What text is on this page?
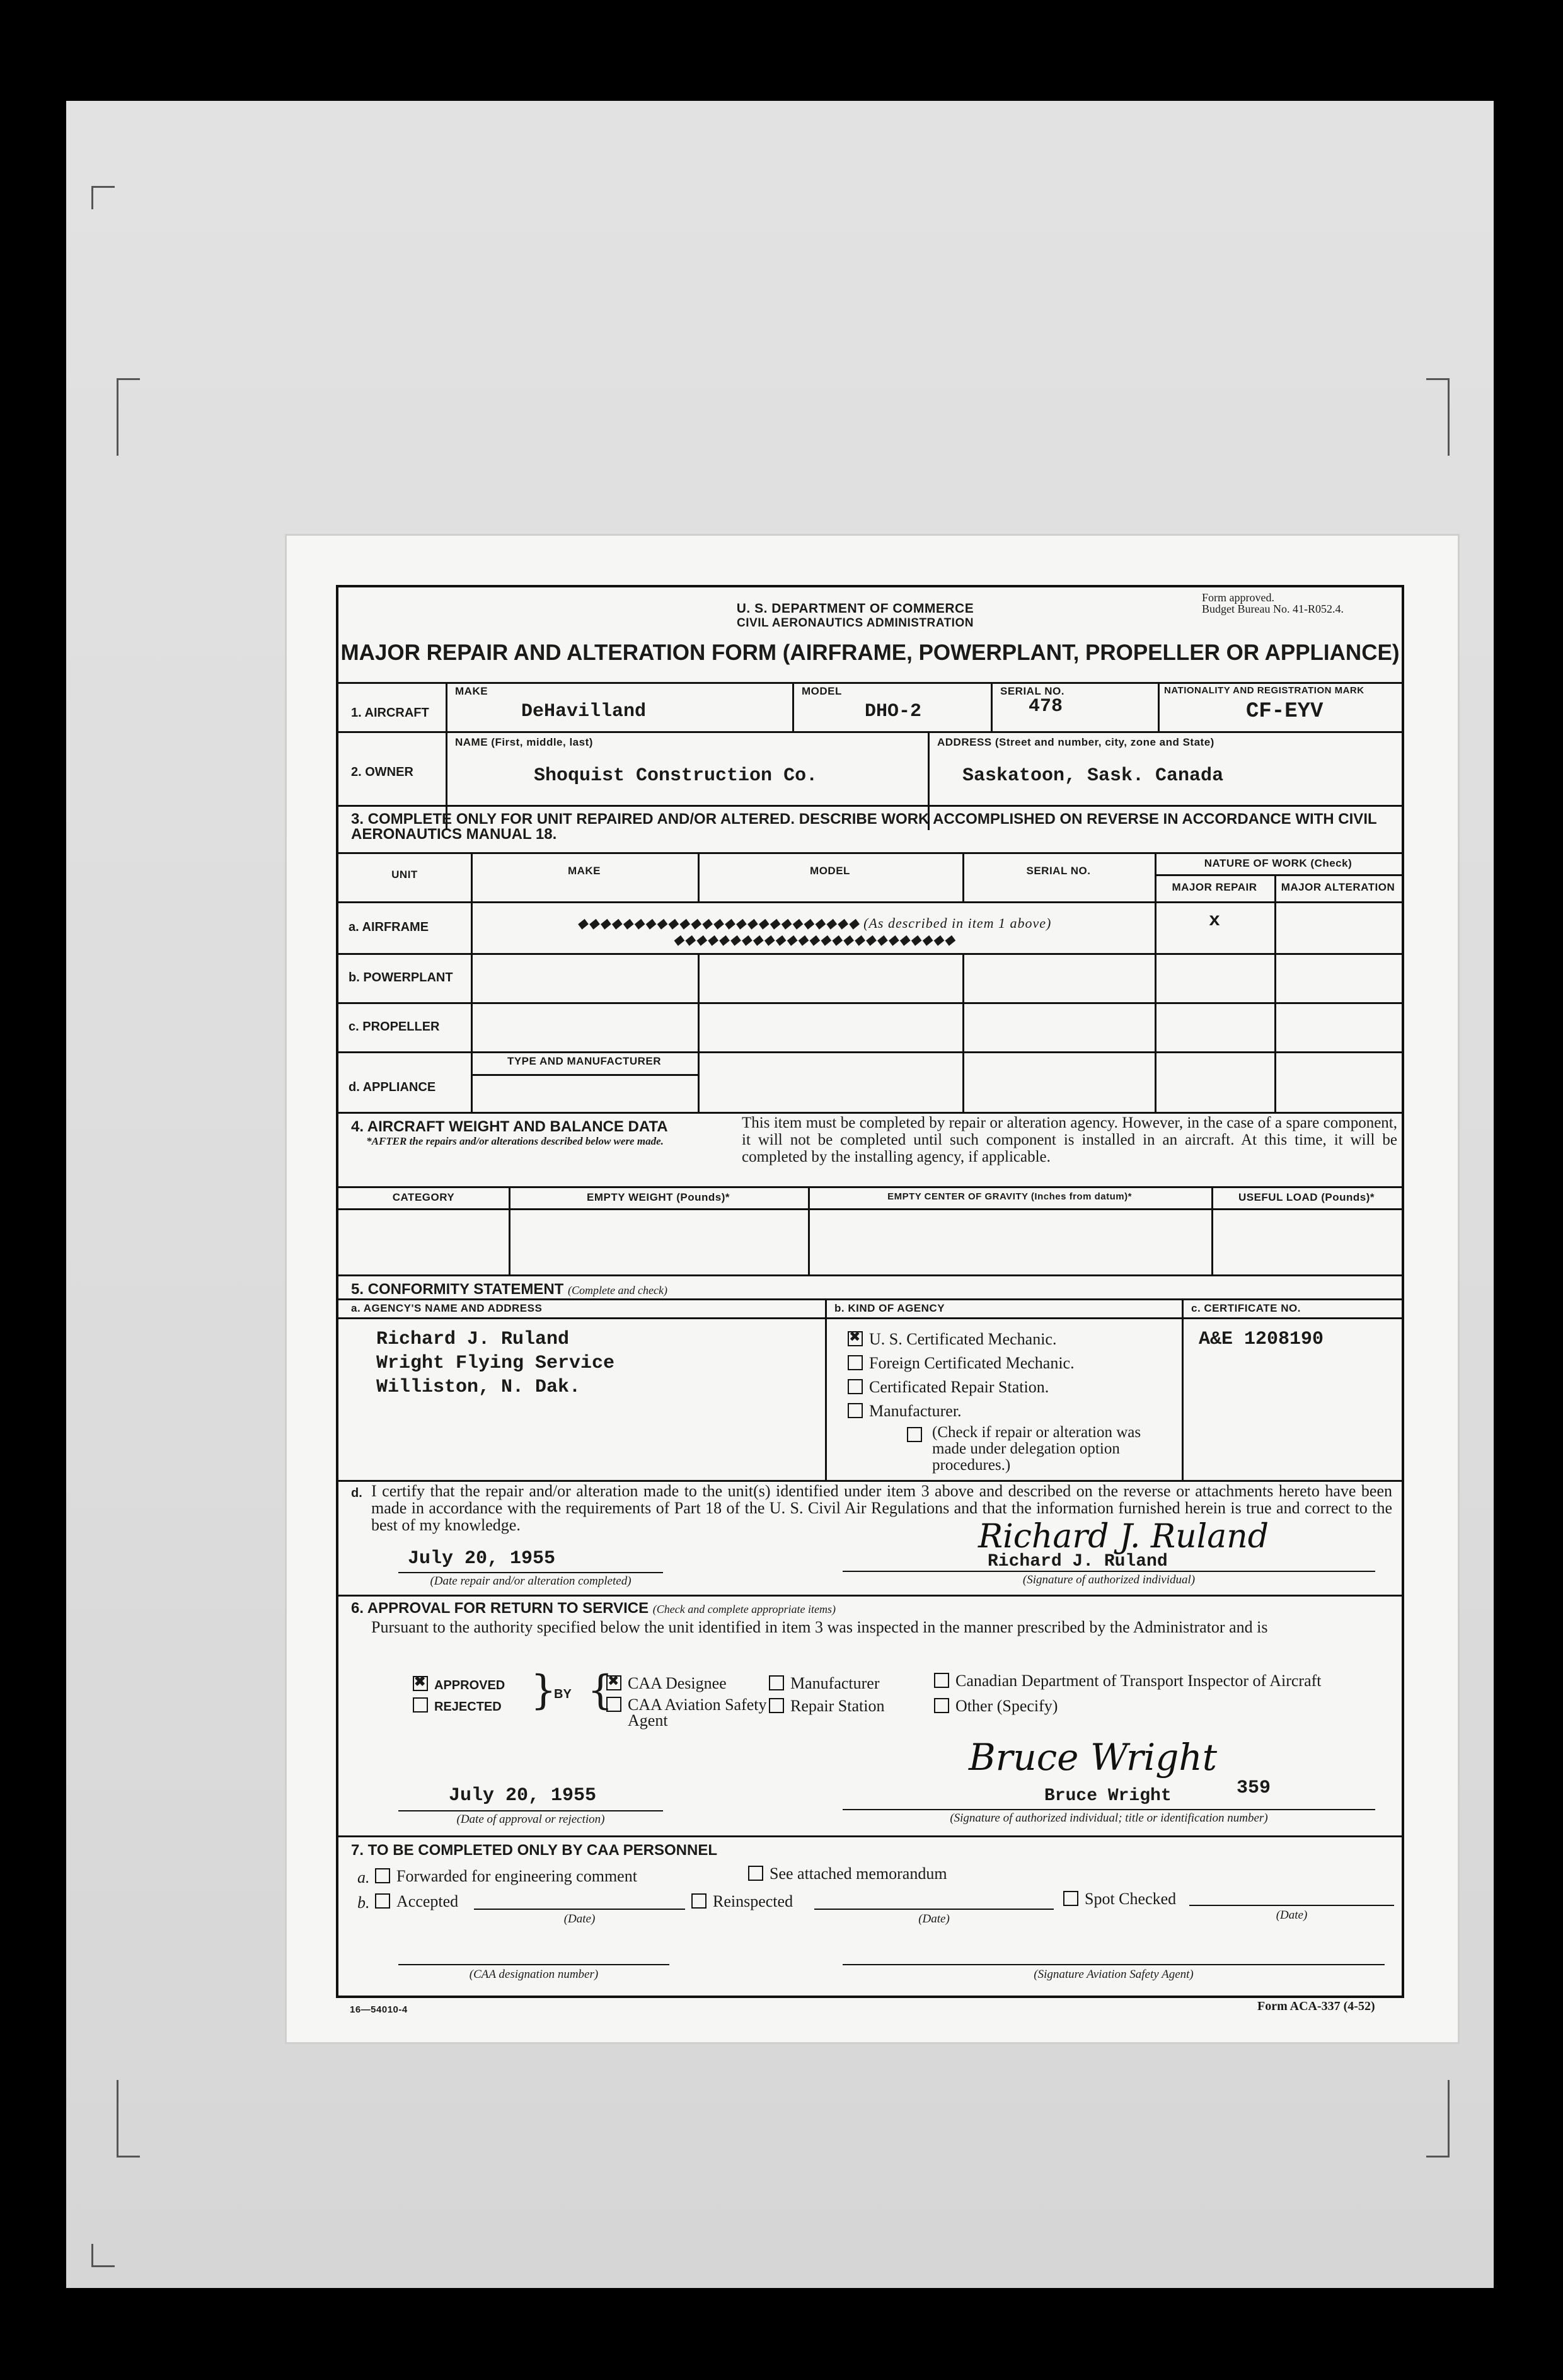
U. S. DEPARTMENT OF COMMERCE
CIVIL AERONAUTICS ADMINISTRATION
Form approved.
Budget Bureau No. 41-R052.4.
MAJOR REPAIR AND ALTERATION FORM (AIRFRAME, POWERPLANT, PROPELLER OR APPLIANCE)
1. AIRCRAFT
MAKE
DeHavilland
MODEL
DHO-2
SERIAL NO.
478
NATIONALITY AND REGISTRATION MARK
CF-EYV
2. OWNER
NAME (First, middle, last)
Shoquist Construction Co.
ADDRESS (Street and number, city, zone and State)
Saskatoon, Sask. Canada
3. COMPLETE ONLY FOR UNIT REPAIRED AND/OR ALTERED. DESCRIBE WORK ACCOMPLISHED ON REVERSE IN ACCORDANCE WITH CIVIL AERONAUTICS MANUAL 18.
NATURE OF WORK (Check)
UNIT	MAKE	MODEL	SERIAL NO.
MAJOR REPAIR	MAJOR ALTERATION
a. AIRFRAME	◆◆◆◆◆◆◆◆◆◆◆◆◆◆◆◆◆◆◆◆◆◆◆◆◆ (As described in item 1 above) ◆◆◆◆◆◆◆◆◆◆◆◆◆◆◆◆◆◆◆◆◆◆◆◆◆
x
b. POWERPLANT
c. PROPELLER
TYPE AND MANUFACTURER
d. APPLIANCE
4. AIRCRAFT WEIGHT AND BALANCE DATA
*AFTER the repairs and/or alterations described below were made.
This item must be completed by repair or alteration agency. However, in the case of a spare component, it will not be completed until such component is installed in an aircraft. At this time, it will be completed by the installing agency, if applicable.
CATEGORY	EMPTY WEIGHT (Pounds)*	EMPTY CENTER OF GRAVITY (Inches from datum)*	USEFUL LOAD (Pounds)*
5. CONFORMITY STATEMENT (Complete and check)
a. AGENCY'S NAME AND ADDRESS	b. KIND OF AGENCY	c. CERTIFICATE NO.
Richard J. Ruland
Wright Flying Service
Williston, N. Dak.
✖U. S. Certificated Mechanic.
Foreign Certificated Mechanic.
Certificated Repair Station.
Manufacturer.
(Check if repair or alteration was made under delegation option procedures.)
A&E 1208190
d. I certify that the repair and/or alteration made to the unit(s) identified under item 3 above and described on the reverse or attachments hereto have been made in accordance with the requirements of Part 18 of the U. S. Civil Air Regulations and that the information furnished herein is true and correct to the best of my knowledge.
July 20, 1955
(Date repair and/or alteration completed)
Richard J. Ruland
Richard J. Ruland
(Signature of authorized individual)
6. APPROVAL FOR RETURN TO SERVICE (Check and complete appropriate items)
Pursuant to the authority specified below the unit identified in item 3 was inspected in the manner prescribed by the Administrator and is
✖APPROVED
REJECTED }
BY {
✖ CAA Designee
CAA Aviation Safety Agent
Manufacturer
Repair Station
Canadian Department of Transport Inspector of Aircraft
Other (Specify)
July 20, 1955
(Date of approval or rejection)
Bruce Wright
Bruce Wright	359
(Signature of authorized individual; title or identification number)
7. TO BE COMPLETED ONLY BY CAA PERSONNEL
a.	Forwarded for engineering comment	See attached memorandum
b.	Accepted
(Date)
Reinspected
(Date)
Spot Checked
(Date)
(CAA designation number)	(Signature Aviation Safety Agent)
16—54010-4	Form ACA-337 (4-52)
